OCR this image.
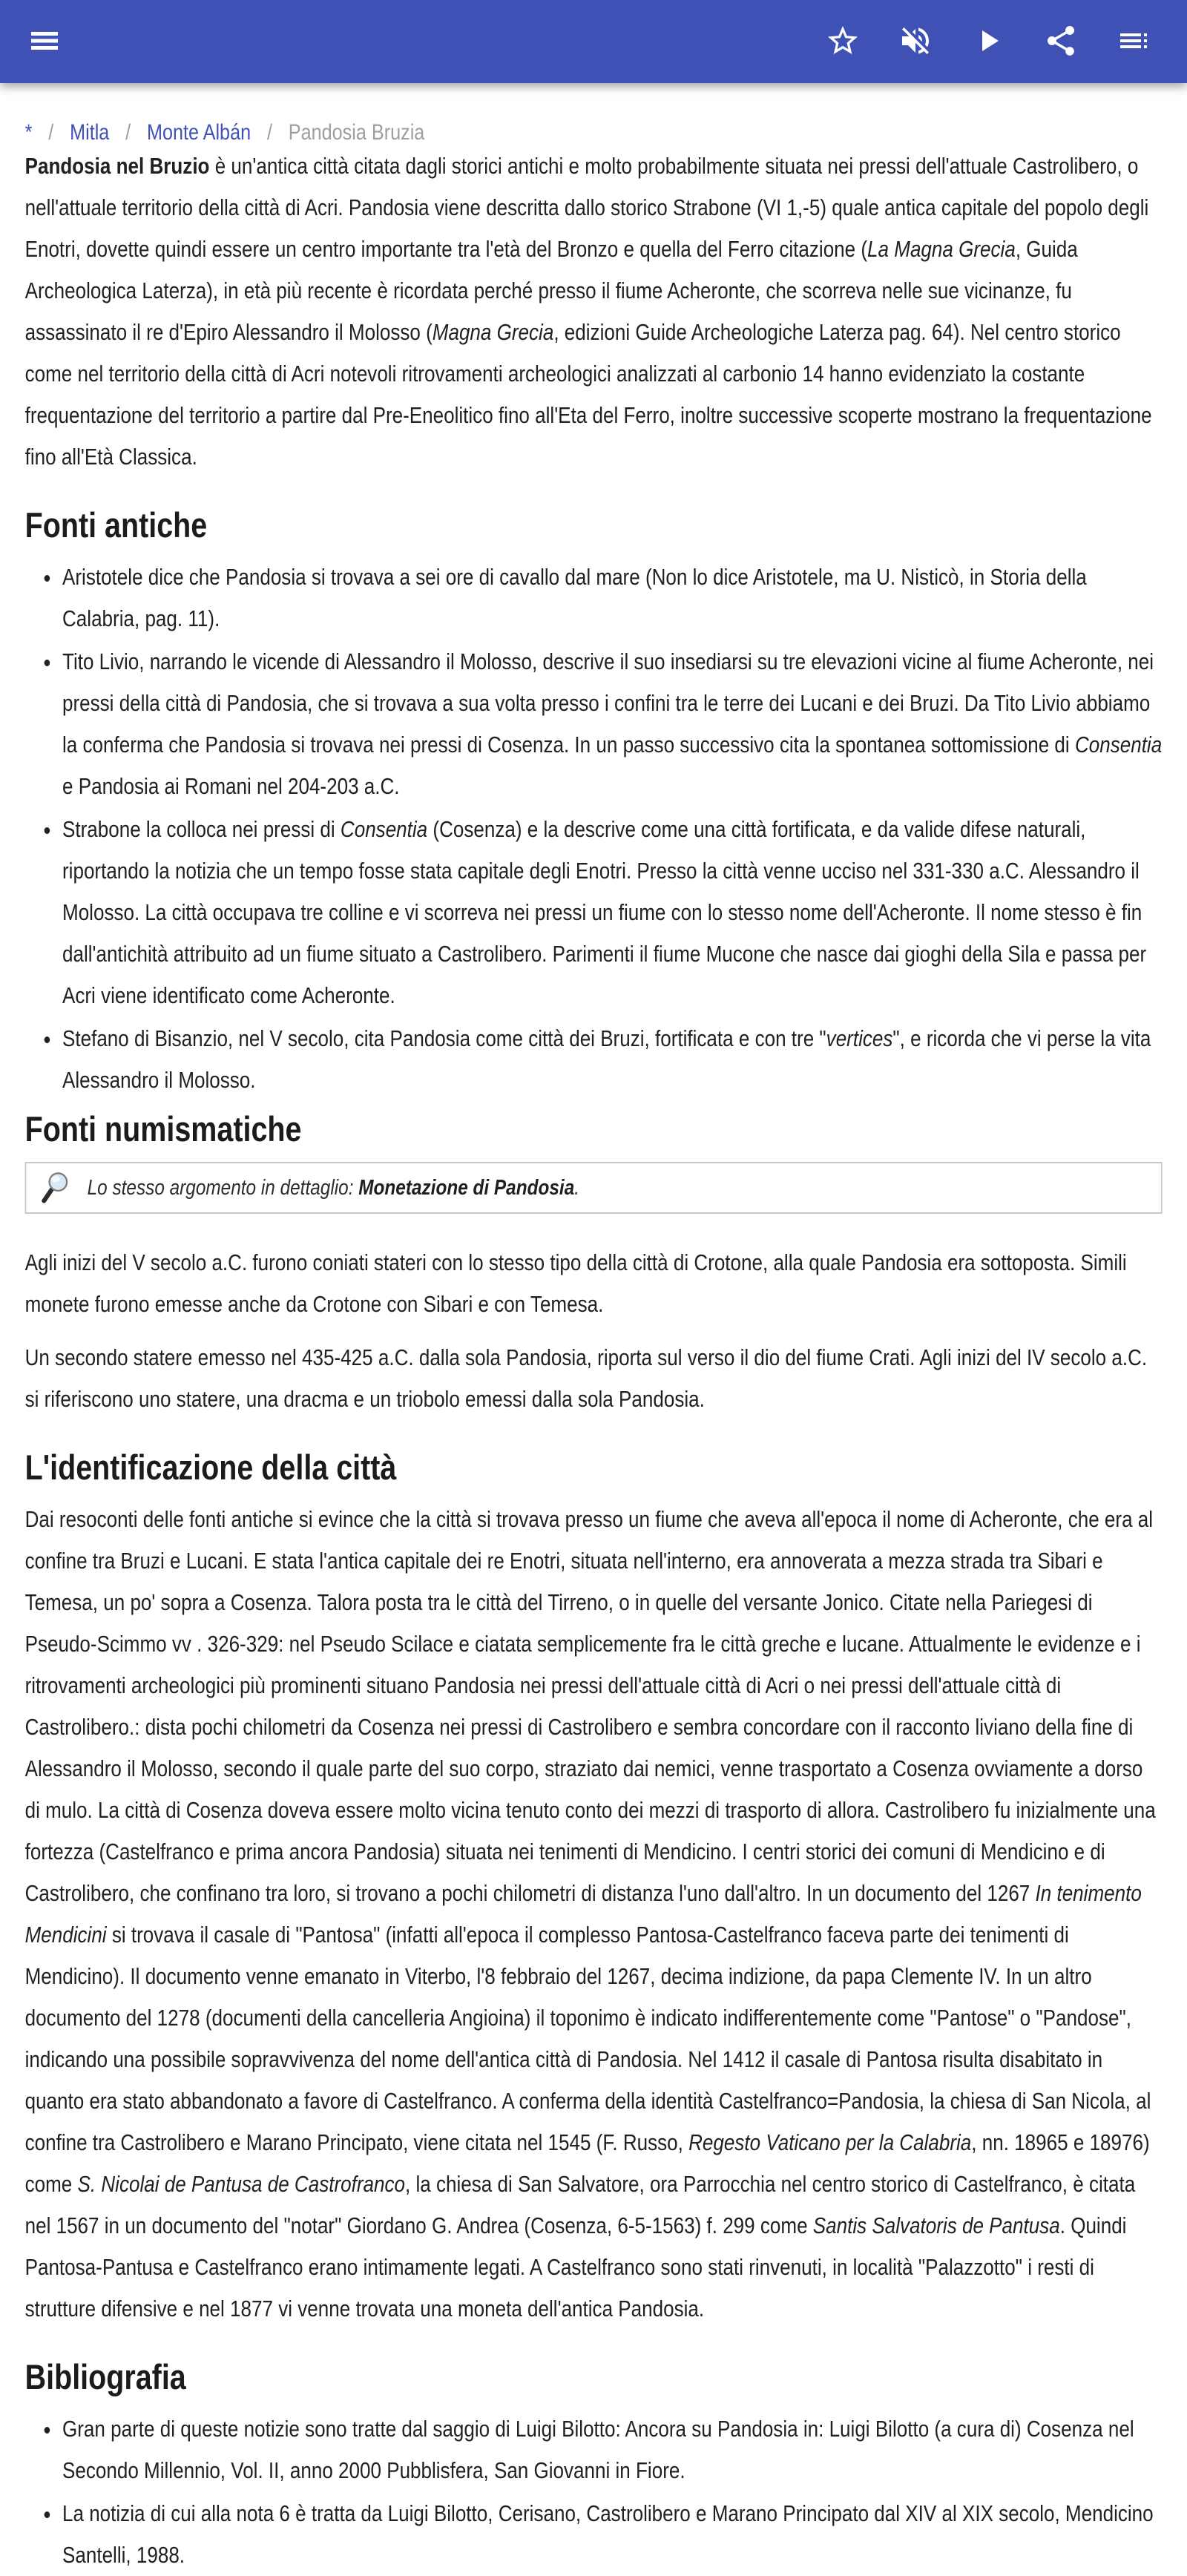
* / Mitla / Monte Albán / Pandosia Bruzia

Pandosia nel Bruzio è un'antica città citata dagli storici antichi e molto probabilmente situata nei pressi dell'attuale Castrolibero, o nell'attuale territorio della città di Acri. Pandosia viene descritta dallo storico Strabone (VI 1,-5) quale antica capitale del popolo degli Enotri, dovette quindi essere un centro importante tra l'età del Bronzo e quella del Ferro citazione (La Magna Grecia, Guida Archeologica Laterza), in età più recente è ricordata perché presso il fiume Acheronte, che scorreva nelle sue vicinanze, fu assassinato il re d'Epiro Alessandro il Molosso (Magna Grecia, edizioni Guide Archeologiche Laterza pag. 64). Nel centro storico come nel territorio della città di Acri notevoli ritrovamenti archeologici analizzati al carbonio 14 hanno evidenziato la costante frequentazione del territorio a partire dal Pre-Eneolitico fino all'Eta del Ferro, inoltre successive scoperte mostrano la frequentazione fino all'Età Classica.

Fonti antiche
• Aristotele dice che Pandosia si trovava a sei ore di cavallo dal mare (Non lo dice Aristotele, ma U. Nisticò, in Storia della Calabria, pag. 11).
• Tito Livio, narrando le vicende di Alessandro il Molosso, descrive il suo insediarsi su tre elevazioni vicine al fiume Acheronte, nei pressi della città di Pandosia, che si trovava a sua volta presso i confini tra le terre dei Lucani e dei Bruzi. Da Tito Livio abbiamo la conferma che Pandosia si trovava nei pressi di Cosenza. In un passo successivo cita la spontanea sottomissione di Consentia e Pandosia ai Romani nel 204-203 a.C.
• Strabone la colloca nei pressi di Consentia (Cosenza) e la descrive come una città fortificata, e da valide difese naturali, riportando la notizia che un tempo fosse stata capitale degli Enotri. Presso la città venne ucciso nel 331-330 a.C. Alessandro il Molosso. La città occupava tre colline e vi scorreva nei pressi un fiume con lo stesso nome dell'Acheronte. Il nome stesso è fin dall'antichità attribuito ad un fiume situato a Castrolibero. Parimenti il fiume Mucone che nasce dai gioghi della Sila e passa per Acri viene identificato come Acheronte.
• Stefano di Bisanzio, nel V secolo, cita Pandosia come città dei Bruzi, fortificata e con tre "vertices", e ricorda che vi perse la vita Alessandro il Molosso.
Fonti numismatiche
Lo stesso argomento in dettaglio: Monetazione di Pandosia.

Agli inizi del V secolo a.C. furono coniati stateri con lo stesso tipo della città di Crotone, alla quale Pandosia era sottoposta. Simili monete furono emesse anche da Crotone con Sibari e con Temesa.

Un secondo statere emesso nel 435-425 a.C. dalla sola Pandosia, riporta sul verso il dio del fiume Crati. Agli inizi del IV secolo a.C. si riferiscono uno statere, una dracma e un triobolo emessi dalla sola Pandosia.

L'identificazione della città

Dai resoconti delle fonti antiche si evince che la città si trovava presso un fiume che aveva all'epoca il nome di Acheronte, che era al confine tra Bruzi e Lucani. E stata l'antica capitale dei re Enotri, situata nell'interno, era annoverata a mezza strada tra Sibari e Temesa, un po' sopra a Cosenza. Talora posta tra le città del Tirreno, o in quelle del versante Jonico. Citate nella Pariegesi di Pseudo-Scimmo vv . 326-329: nel Pseudo Scilace e ciatata semplicemente fra le città greche e lucane. Attualmente le evidenze e i ritrovamenti archeologici più prominenti situano Pandosia nei pressi dell'attuale città di Acri o nei pressi dell'attuale città di Castrolibero.: dista pochi chilometri da Cosenza nei pressi di Castrolibero e sembra concordare con il racconto liviano della fine di Alessandro il Molosso, secondo il quale parte del suo corpo, straziato dai nemici, venne trasportato a Cosenza ovviamente a dorso di mulo. La città di Cosenza doveva essere molto vicina tenuto conto dei mezzi di trasporto di allora. Castrolibero fu inizialmente una fortezza (Castelfranco e prima ancora Pandosia) situata nei tenimenti di Mendicino. I centri storici dei comuni di Mendicino e di Castrolibero, che confinano tra loro, si trovano a pochi chilometri di distanza l'uno dall'altro. In un documento del 1267 In tenimento Mendicini si trovava il casale di "Pantosa" (infatti all'epoca il complesso Pantosa-Castelfranco faceva parte dei tenimenti di Mendicino). Il documento venne emanato in Viterbo, l'8 febbraio del 1267, decima indizione, da papa Clemente IV. In un altro documento del 1278 (documenti della cancelleria Angioina) il toponimo è indicato indifferentemente come "Pantose" o "Pandose", indicando una possibile sopravvivenza del nome dell'antica città di Pandosia. Nel 1412 il casale di Pantosa risulta disabitato in quanto era stato abbandonato a favore di Castelfranco. A conferma della identità Castelfranco=Pandosia, la chiesa di San Nicola, al confine tra Castrolibero e Marano Principato, viene citata nel 1545 (F. Russo, Regesto Vaticano per la Calabria, nn. 18965 e 18976) come S. Nicolai de Pantusa de Castrofranco, la chiesa di San Salvatore, ora Parrocchia nel centro storico di Castelfranco, è citata nel 1567 in un documento del "notar" Giordano G. Andrea (Cosenza, 6-5-1563) f. 299 come Santis Salvatoris de Pantusa. Quindi Pantosa-Pantusa e Castelfranco erano intimamente legati. A Castelfranco sono stati rinvenuti, in località "Palazzotto" i resti di strutture difensive e nel 1877 vi venne trovata una moneta dell'antica Pandosia.

Bibliografia
• Gran parte di queste notizie sono tratte dal saggio di Luigi Bilotto: Ancora su Pandosia in: Luigi Bilotto (a cura di) Cosenza nel Secondo Millennio, Vol. II, anno 2000 Pubblisfera, San Giovanni in Fiore.
• La notizia di cui alla nota 6 è tratta da Luigi Bilotto, Cerisano, Castrolibero e Marano Principato dal XIV al XIX secolo, Mendicino Santelli, 1988.
